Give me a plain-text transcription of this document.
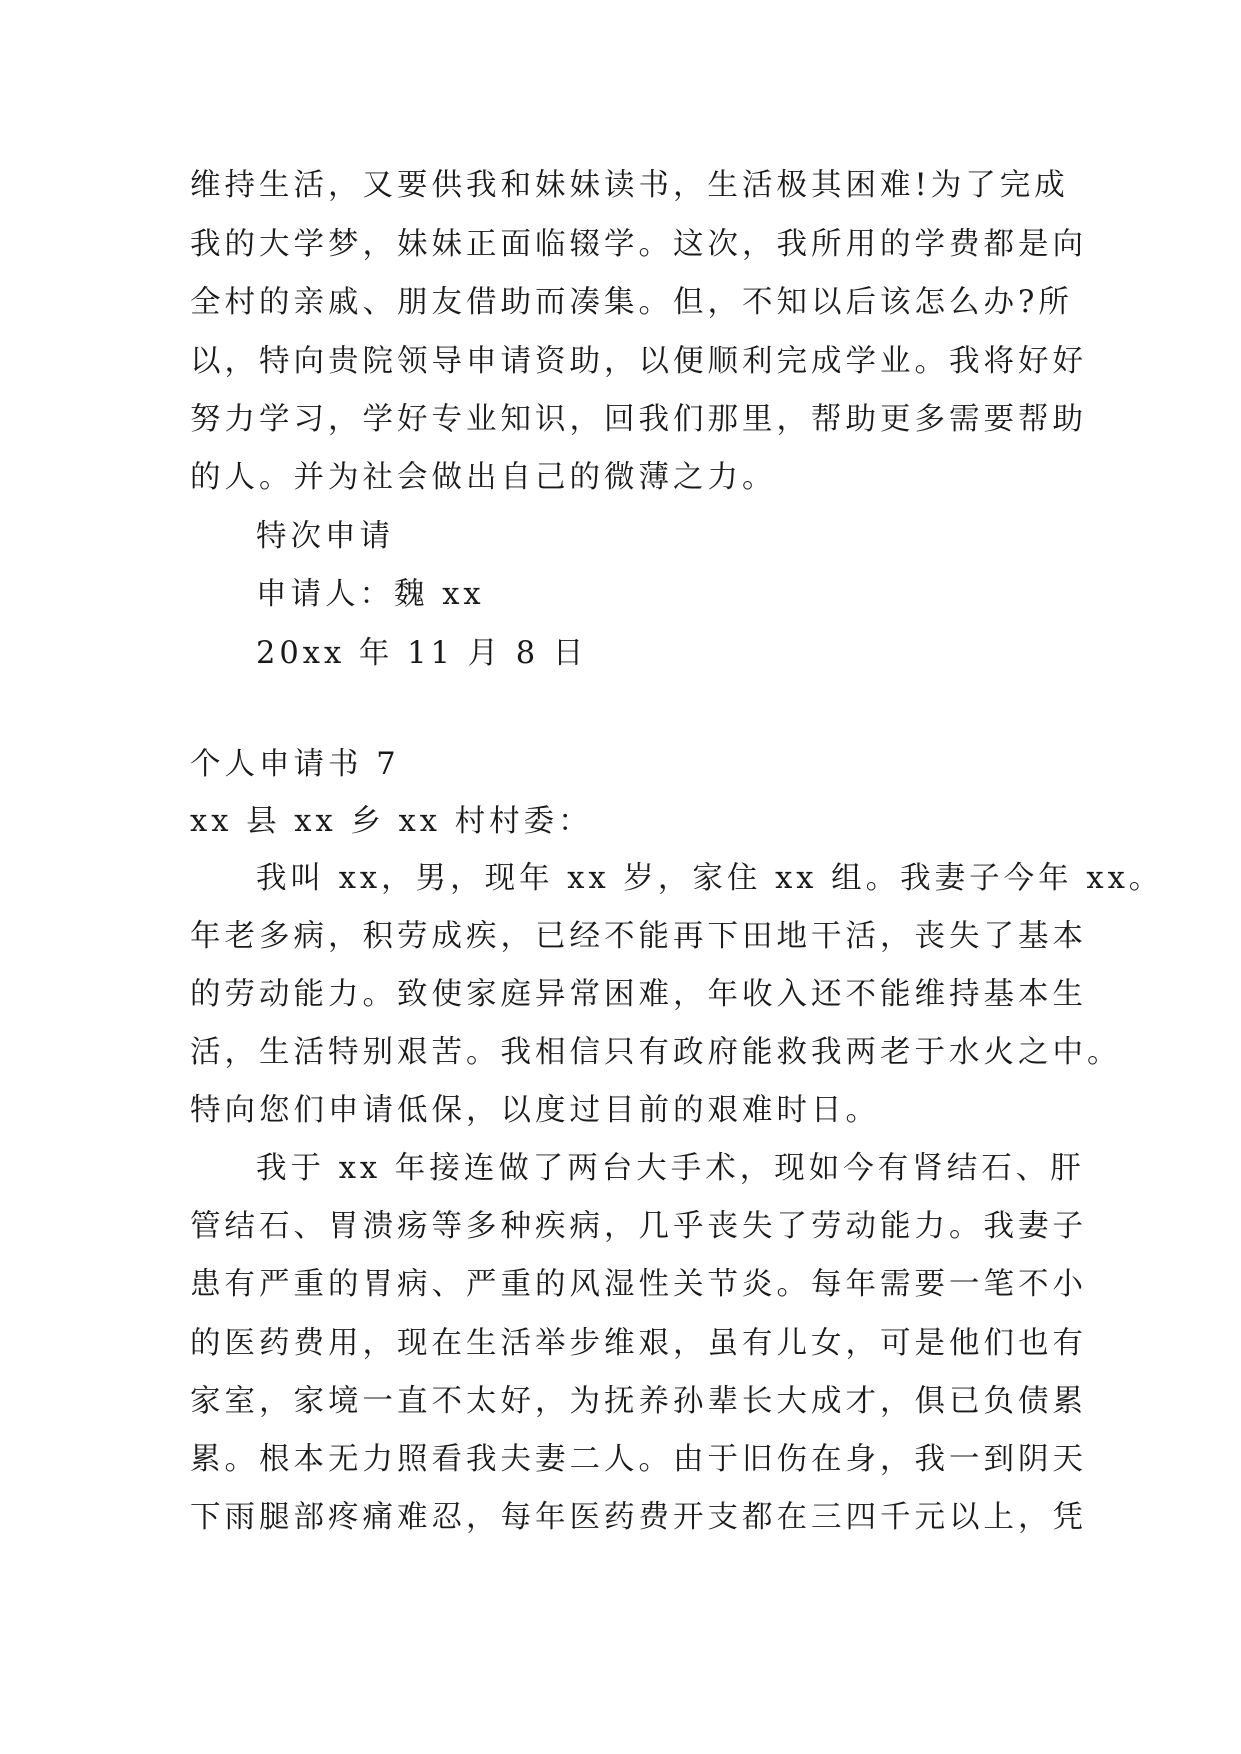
维持生活，又要供我和妹妹读书，生活极其困难!为了完成
我的大学梦，妹妹正面临辍学。这次，我所用的学费都是向
全村的亲戚、朋友借助而凑集。但，不知以后该怎么办?所
以，特向贵院领导申请资助，以便顺利完成学业。我将好好
努力学习，学好专业知识，回我们那里，帮助更多需要帮助
的人。并为社会做出自己的微薄之力。
特次申请
申请人：魏 xx
20xx 年 11 月 8 日
个人申请书 7
xx 县 xx 乡 xx 村村委：
我叫 xx，男，现年 xx 岁，家住 xx 组。我妻子今年 xx。
年老多病，积劳成疾，已经不能再下田地干活，丧失了基本
的劳动能力。致使家庭异常困难，年收入还不能维持基本生
活，生活特别艰苦。我相信只有政府能救我两老于水火之中。
特向您们申请低保，以度过目前的艰难时日。
我于 xx 年接连做了两台大手术，现如今有肾结石、肝
管结石、胃溃疡等多种疾病，几乎丧失了劳动能力。我妻子
患有严重的胃病、严重的风湿性关节炎。每年需要一笔不小
的医药费用，现在生活举步维艰，虽有儿女，可是他们也有
家室，家境一直不太好，为抚养孙辈长大成才，俱已负债累
累。根本无力照看我夫妻二人。由于旧伤在身，我一到阴天
下雨腿部疼痛难忍，每年医药费开支都在三四千元以上，凭
